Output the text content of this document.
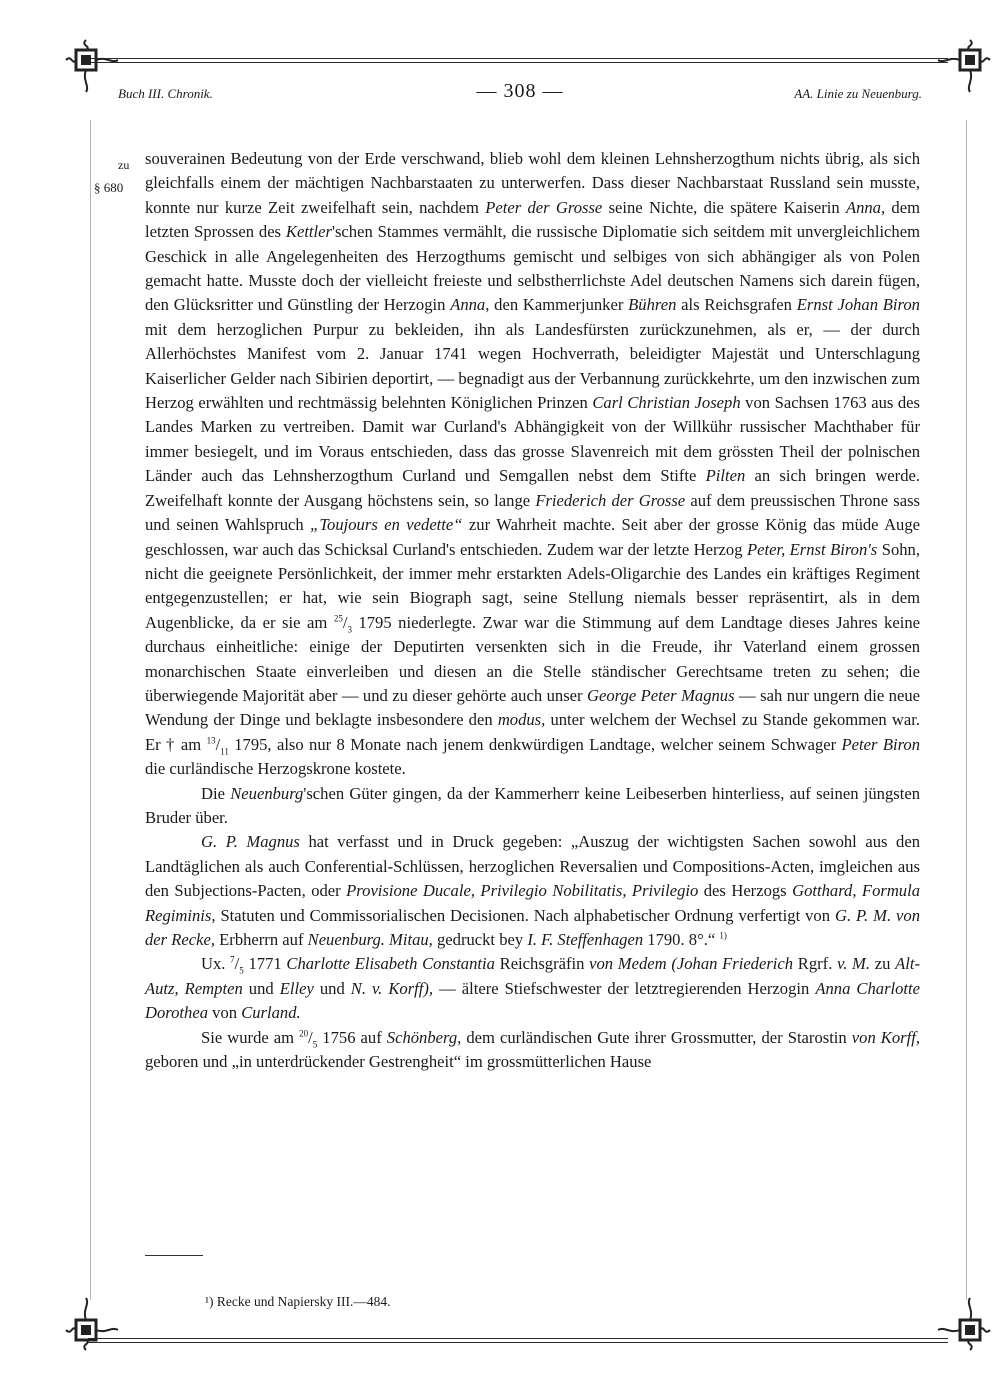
Buch III. Chronik.	— 308 —	AA. Linie zu Neuenburg.
zu
§ 680

souverainen Bedeutung von der Erde verschwand, blieb wohl dem kleinen Lehnsherzogthum nichts übrig, als sich gleichfalls einem der mächtigen Nachbarstaaten zu unterwerfen. Dass dieser Nachbarstaat Russland sein musste, konnte nur kurze Zeit zweifelhaft sein, nachdem Peter der Grosse seine Nichte, die spätere Kaiserin Anna, dem letzten Sprossen des Kettler'schen Stammes vermählt, die russische Diplomatie sich seitdem mit unvergleichlichem Geschick in alle Angelegenheiten des Herzogthums gemischt und selbiges von sich abhängiger als von Polen gemacht hatte. Musste doch der vielleicht freieste und selbstherrlichste Adel deutschen Namens sich darein fügen, den Glücksritter und Günstling der Herzogin Anna, den Kammerjunker Bühren als Reichsgrafen Ernst Johan Biron mit dem herzoglichen Purpur zu bekleiden, ihn als Landesfürsten zurückzunehmen, als er, — der durch Allerhöchstes Manifest vom 2. Januar 1741 wegen Hochverrath, beleidigter Majestät und Unterschlagung Kaiserlicher Gelder nach Sibirien deportirt, — begnadigt aus der Verbannung zurückkehrte, um den inzwischen zum Herzog erwählten und rechtmässig belehnten Königlichen Prinzen Carl Christian Joseph von Sachsen 1763 aus des Landes Marken zu vertreiben. Damit war Curland's Abhängigkeit von der Willkühr russischer Machthaber für immer besiegelt, und im Voraus entschieden, dass das grosse Slavenreich mit dem grössten Theil der polnischen Länder auch das Lehnsherzogthum Curland und Semgallen nebst dem Stifte Pilten an sich bringen werde. Zweifelhaft konnte der Ausgang höchstens sein, so lange Friederich der Grosse auf dem preussischen Throne sass und seinen Wahlspruch „Toujours en vedette“ zur Wahrheit machte. Seit aber der grosse König das müde Auge geschlossen, war auch das Schicksal Curland's entschieden. Zudem war der letzte Herzog Peter, Ernst Biron's Sohn, nicht die geeignete Persönlichkeit, der immer mehr erstarkten Adels-Oligarchie des Landes ein kräftiges Regiment entgegenzustellen; er hat, wie sein Biograph sagt, seine Stellung niemals besser repräsentirt, als in dem Augenblicke, da er sie am $^{25}/_3$ 1795 niederlegte. Zwar war die Stimmung auf dem Landtage dieses Jahres keine durchaus einheitliche: einige der Deputirten versenkten sich in die Freude, ihr Vaterland einem grossen monarchischen Staate einverleiben und diesen an die Stelle ständischer Gerechtsame treten zu sehen; die überwiegende Majorität aber — und zu dieser gehörte auch unser George Peter Magnus — sah nur ungern die neue Wendung der Dinge und beklagte insbesondere den modus, unter welchem der Wechsel zu Stande gekommen war. Er † am $^{13}/_{11}$ 1795, also nur 8 Monate nach jenem denkwürdigen Landtage, welcher seinem Schwager Peter Biron die curländische Herzogskrone kostete.

Die Neuenburg'schen Güter gingen, da der Kammerherr keine Leibeserben hinterliess, auf seinen jüngsten Bruder über.

G. P. Magnus hat verfasst und in Druck gegeben: „Auszug der wichtigsten Sachen sowohl aus den Landtäglichen als auch Conferential-Schlüssen, herzoglichen Reversalien und Compositions-Acten, imgleichen aus den Subjections-Pacten, oder Provisione Ducale, Privilegio Nobilitatis, Privilegio des Herzogs Gotthard, Formula Regiminis, Statuten und Commissorialischen Decisionen. Nach alphabetischer Ordnung verfertigt von G. P. M. von der Recke, Erbherrn auf Neuenburg. Mitau, gedruckt bey I. F. Steffenhagen 1790. 8°.“ $^{1)}$

Ux. $^7/_5$ 1771 Charlotte Elisabeth Constantia Reichsgräfin von Medem (Johan Friederich Rgrf. v. M. zu Alt-Autz, Rempten und Elley und N. v. Korff), — ältere Stiefschwester der letztregierenden Herzogin Anna Charlotte Dorothea von Curland.

Sie wurde am $^{20}/_5$ 1756 auf Schönberg, dem curländischen Gute ihrer Grossmutter, der Starostin von Korff, geboren und „in unterdrückender Gestrengheit“ im grossmütterlichen Hause

¹) Recke und Napiersky III.—484.
